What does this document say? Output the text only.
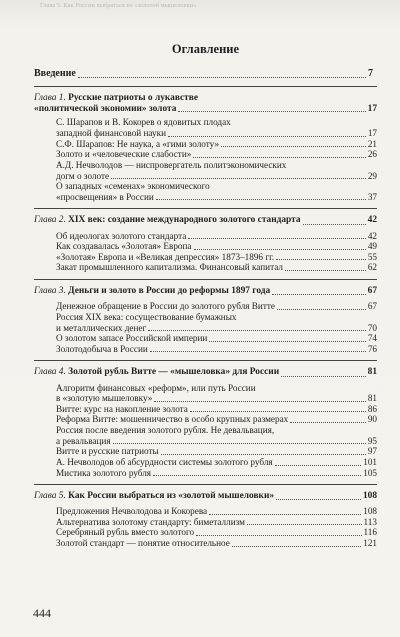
Глава 5. Как России выбраться из «золотой мышеловки»
Оглавление
Введение	7
Глава 1. Русские патриоты о лукавстве
«политической экономии» золота	17
С. Шарапов и В. Кокорев о ядовитых плодах
западной финансовой науки	17
С.Ф. Шарапов: Не наука, а «гими золоту»	21
Золото и «человеческие слабости»	26
А.Д. Нечволодов — ниспровергатель политэкономических
догм о золоте	29
О западных «семенах» экономического
«просвещения» в России	37
Глава 2. XIX век: создание международного золотого стандарта	42
Об идеологах золотого стандарта	42
Как создавалась «Золотая» Европа	49
«Золотая» Европа и «Великая депрессия» 1873–1896 гг.	55
Закат промышленного капитализма. Финансовый капитал	62
Глава 3. Деньги и золото в России до реформы 1897 года	67
Денежное обращение в России до золотого рубля Витте	67
Россия XIX века: сосуществование бумажных
и металлических денег	70
О золотом запасе Российской империи	74
Золотодобыча в России	76
Глава 4. Золотой рубль Витте — «мышеловка» для России	81
Алгоритм финансовых «реформ», или путь России
в «золотую мышеловку»	81
Витте: курс на накопление золота	86
Реформа Витте: мошенничество в особо крупных размерах	90
Россия после введения золотого рубля. Не девальвация,
а ревальвация	95
Витте и русские патриоты	97
А. Нечволодов об абсурдности системы золотого рубля	101
Мистика золотого рубля	105
Глава 5. Как России выбраться из «золотой мышеловки»	108
Предложения Нечволодова и Кокорева	108
Альтернатива золотому стандарту: биметаллизм	113
Серебряный рубль вместо золотого	116
Золотой стандарт — понятие относительное	121
444
